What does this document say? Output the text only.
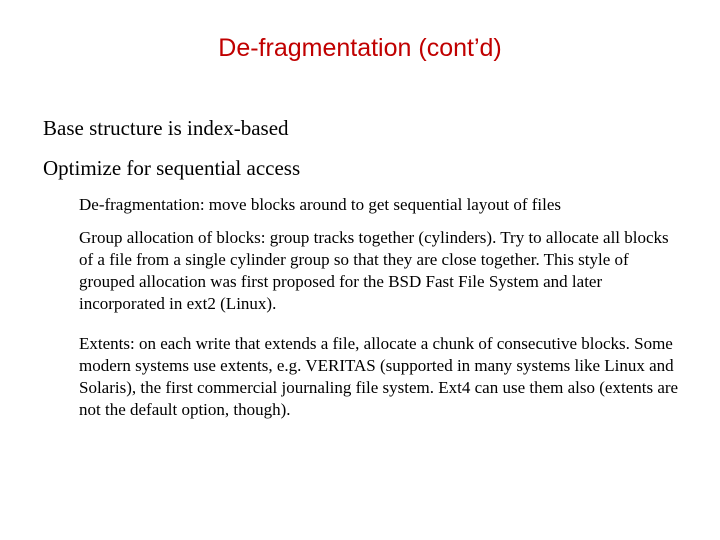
De-fragmentation (cont’d)

Base structure is index-based

Optimize for sequential access

De-fragmentation: move blocks around to get sequential layout of files

Group allocation of blocks: group tracks together (cylinders). Try to allocate all blocks of a file from a single cylinder group so that they are close together. This style of grouped allocation was first proposed for the BSD Fast File System and later incorporated in ext2 (Linux).

Extents: on each write that extends a file, allocate a chunk of consecutive blocks. Some modern systems use extents, e.g. VERITAS (supported in many systems like Linux and Solaris), the first commercial journaling file system. Ext4 can use them also (extents are not the default option, though).
